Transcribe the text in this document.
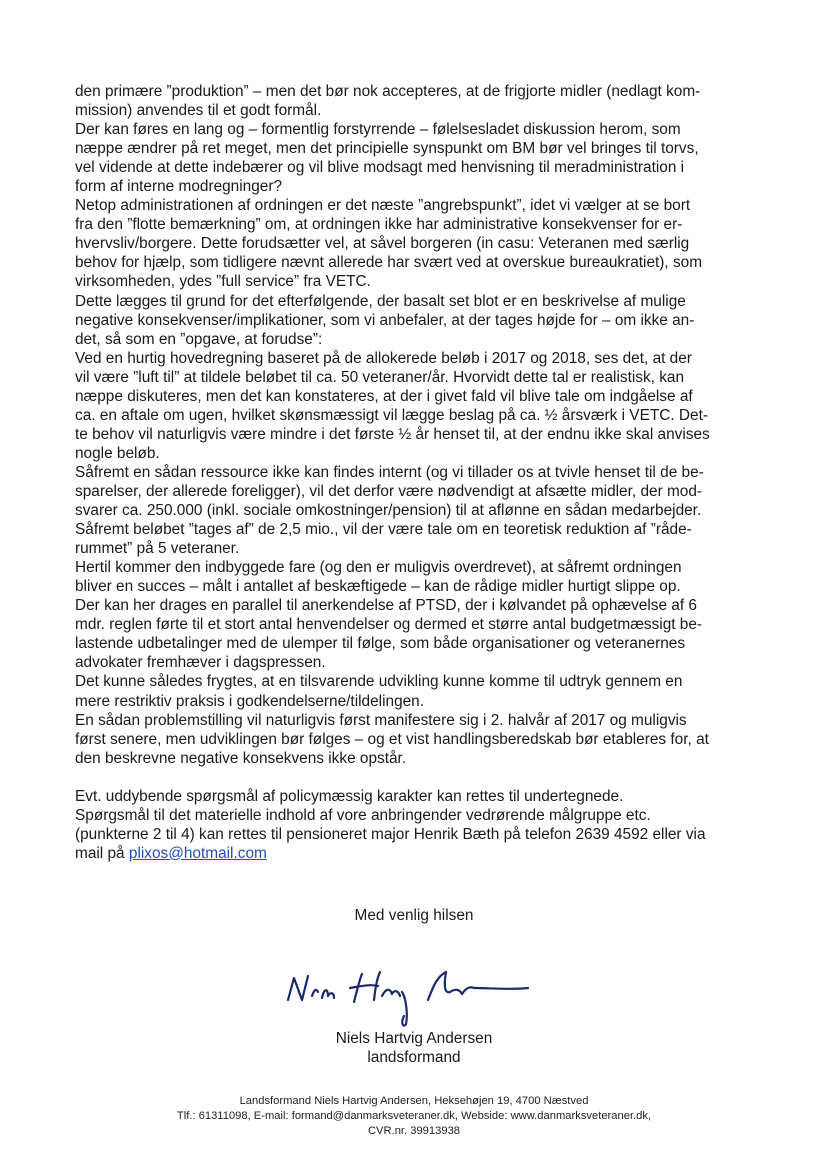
den primære ”produktion” – men det bør nok accepteres, at de frigjorte midler (nedlagt kom-
mission) anvendes til et godt formål.
Der kan føres en lang og – formentlig forstyrrende – følelsesladet diskussion herom, som
næppe ændrer på ret meget, men det principielle synspunkt om BM bør vel bringes til torvs,
vel vidende at dette indebærer og vil blive modsagt med henvisning til meradministration i
form af interne modregninger?
Netop administrationen af ordningen er det næste ”angrebspunkt”, idet vi vælger at se bort
fra den ”flotte bemærkning” om, at ordningen ikke har administrative konsekvenser for er-
hvervsliv/borgere. Dette forudsætter vel, at såvel borgeren (in casu: Veteranen med særlig
behov for hjælp, som tidligere nævnt allerede har svært ved at overskue bureaukratiet), som
virksomheden, ydes ”full service” fra VETC.
Dette lægges til grund for det efterfølgende, der basalt set blot er en beskrivelse af mulige
negative konsekvenser/implikationer, som vi anbefaler, at der tages højde for – om ikke an-
det, så som en ”opgave, at forudse”:
Ved en hurtig hovedregning baseret på de allokerede beløb i 2017 og 2018, ses det, at der
vil være ”luft til” at tildele beløbet til ca. 50 veteraner/år. Hvorvidt dette tal er realistisk, kan
næppe diskuteres, men det kan konstateres, at der i givet fald vil blive tale om indgåelse af
ca. en aftale om ugen, hvilket skønsmæssigt vil lægge beslag på ca. ½ årsværk i VETC. Det-
te behov vil naturligvis være mindre i det første ½ år henset til, at der endnu ikke skal anvises
nogle beløb.
Såfremt en sådan ressource ikke kan findes internt (og vi tillader os at tvivle henset til de be-
sparelser, der allerede foreligger), vil det derfor være nødvendigt at afsætte midler, der mod-
svarer ca. 250.000 (inkl. sociale omkostninger/pension) til at aflønne en sådan medarbejder.
Såfremt beløbet ”tages af” de 2,5 mio., vil der være tale om en teoretisk reduktion af ”råde-
rummet” på 5 veteraner.
Hertil kommer den indbyggede fare (og den er muligvis overdrevet), at såfremt ordningen
bliver en succes – målt i antallet af beskæftigede – kan de rådige midler hurtigt slippe op.
Der kan her drages en parallel til anerkendelse af PTSD, der i kølvandet på ophævelse af 6
mdr. reglen førte til et stort antal henvendelser og dermed et større antal budgetmæssigt be-
lastende udbetalinger med de ulemper til følge, som både organisationer og veteranernes
advokater fremhæver i dagspressen.
Det kunne således frygtes, at en tilsvarende udvikling kunne komme til udtryk gennem en
mere restriktiv praksis i godkendelserne/tildelingen.
En sådan problemstilling vil naturligvis først manifestere sig i 2. halvår af 2017 og muligvis
først senere, men udviklingen bør følges – og et vist handlingsberedskab bør etableres for, at
den beskrevne negative konsekvens ikke opstår.
Evt. uddybende spørgsmål af policymæssig karakter kan rettes til undertegnede.
Spørgsmål til det materielle indhold af vore anbringender vedrørende målgruppe etc.
(punkterne 2 til 4) kan rettes til pensioneret major Henrik Bæth på telefon 2639 4592 eller via
mail på plixos@hotmail.com
Med venlig hilsen
Niels Hartvig Andersen
landsformand
Landsformand Niels Hartvig Andersen, Heksehøjen 19, 4700 Næstved
Tlf.: 61311098, E-mail: formand@danmarksveteraner.dk, Webside: www.danmarksveteraner.dk,
CVR.nr. 39913938
